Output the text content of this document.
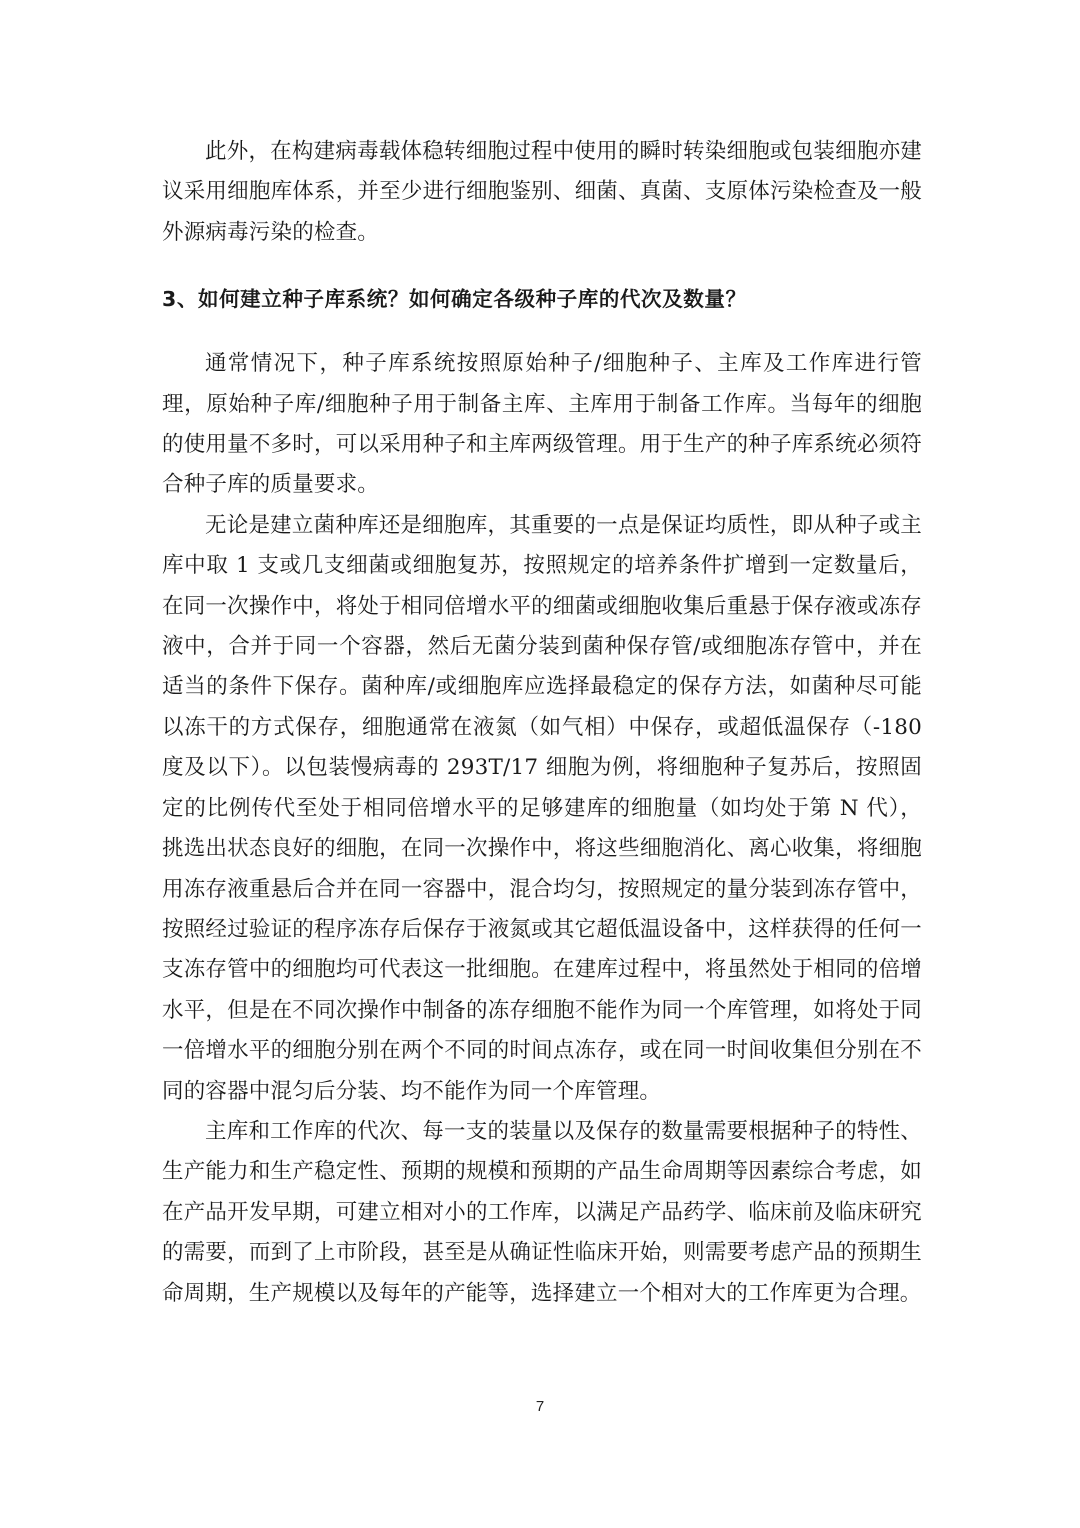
此外，在构建病毒载体稳转细胞过程中使用的瞬时转染细胞或包装细胞亦建议采用细胞库体系，并至少进行细胞鉴别、细菌、真菌、支原体污染检查及一般外源病毒污染的检查。

3、如何建立种子库系统？如何确定各级种子库的代次及数量？

通常情况下，种子库系统按照原始种子/细胞种子、主库及工作库进行管理，原始种子库/细胞种子用于制备主库、主库用于制备工作库。当每年的细胞的使用量不多时，可以采用种子和主库两级管理。用于生产的种子库系统必须符合种子库的质量要求。

无论是建立菌种库还是细胞库，其重要的一点是保证均质性，即从种子或主库中取 1 支或几支细菌或细胞复苏，按照规定的培养条件扩增到一定数量后，在同一次操作中，将处于相同倍增水平的细菌或细胞收集后重悬于保存液或冻存液中，合并于同一个容器，然后无菌分装到菌种保存管/或细胞冻存管中，并在适当的条件下保存。菌种库/或细胞库应选择最稳定的保存方法，如菌种尽可能以冻干的方式保存，细胞通常在液氮（如气相）中保存，或超低温保存（-180 度及以下）。以包装慢病毒的 293T/17 细胞为例，将细胞种子复苏后，按照固定的比例传代至处于相同倍增水平的足够建库的细胞量（如均处于第 N 代），挑选出状态良好的细胞，在同一次操作中，将这些细胞消化、离心收集，将细胞用冻存液重悬后合并在同一容器中，混合均匀，按照规定的量分装到冻存管中，按照经过验证的程序冻存后保存于液氮或其它超低温设备中，这样获得的任何一支冻存管中的细胞均可代表这一批细胞。在建库过程中，将虽然处于相同的倍增水平，但是在不同次操作中制备的冻存细胞不能作为同一个库管理，如将处于同一倍增水平的细胞分别在两个不同的时间点冻存，或在同一时间收集但分别在不同的容器中混匀后分装、均不能作为同一个库管理。

主库和工作库的代次、每一支的装量以及保存的数量需要根据种子的特性、生产能力和生产稳定性、预期的规模和预期的产品生命周期等因素综合考虑，如在产品开发早期，可建立相对小的工作库，以满足产品药学、临床前及临床研究的需要，而到了上市阶段，甚至是从确证性临床开始，则需要考虑产品的预期生命周期，生产规模以及每年的产能等，选择建立一个相对大的工作库更为合理。

7
